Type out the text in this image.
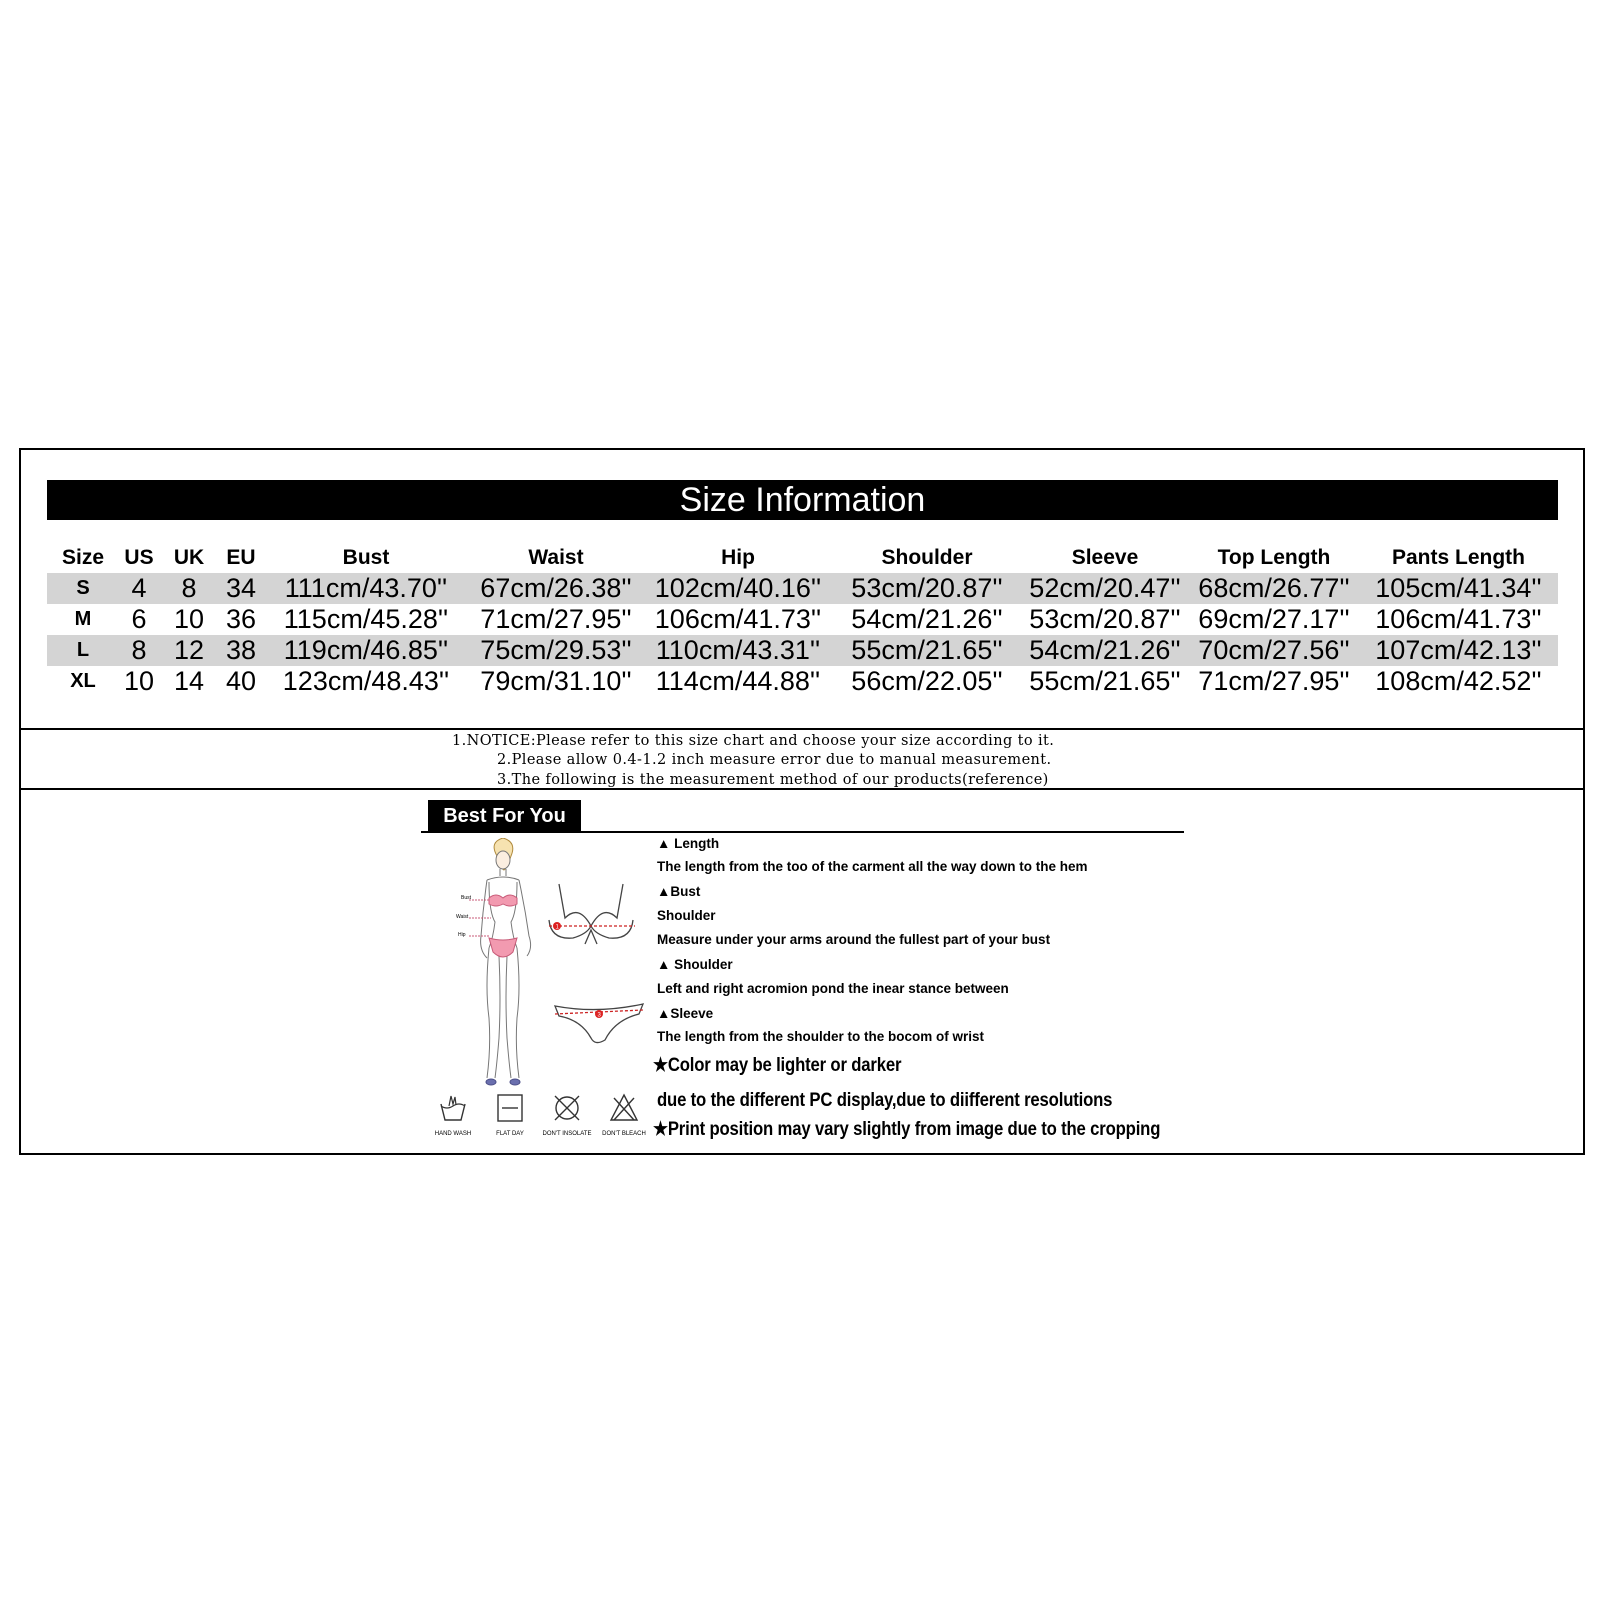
Size Information
Size	US	UK	EU	Bust	Waist	Hip	Shoulder	Sleeve	Top Length	Pants Length
S	4	8	34	111cm/43.70''	67cm/26.38''	102cm/40.16''	53cm/20.87''	52cm/20.47''	68cm/26.77''	105cm/41.34''
M	6	10	36	115cm/45.28''	71cm/27.95''	106cm/41.73''	54cm/21.26''	53cm/20.87''	69cm/27.17''	106cm/41.73''
L	8	12	38	119cm/46.85''	75cm/29.53''	110cm/43.31''	55cm/21.65''	54cm/21.26''	70cm/27.56''	107cm/42.13''
XL	10	14	40	123cm/48.43''	79cm/31.10''	114cm/44.88''	56cm/22.05''	55cm/21.65''	71cm/27.95''	108cm/42.52''
1.NOTICE:Please refer to this size chart and choose your size according to it.
2.Please allow 0.4-1.2 inch measure error due to manual measurement.
3.The following is the measurement method of our products(reference)
Best For You
Bust
Waist
Hip
1
3
▲ Length
The length from the too of the carment all the way down to the hem
▲Bust
Shoulder
Measure under your arms around the fullest part of your bust
▲ Shoulder
Left and right acromion pond the inear stance between
▲Sleeve
The length from the shoulder to the bocom of wrist
★Color may be lighter or darker
due to the different PC display,due to diifferent resolutions
★Print position may vary slightly from image due to the cropping
HAND WASH	FLAT DAY	DON'T INSOLATE	DON'T BLEACH
